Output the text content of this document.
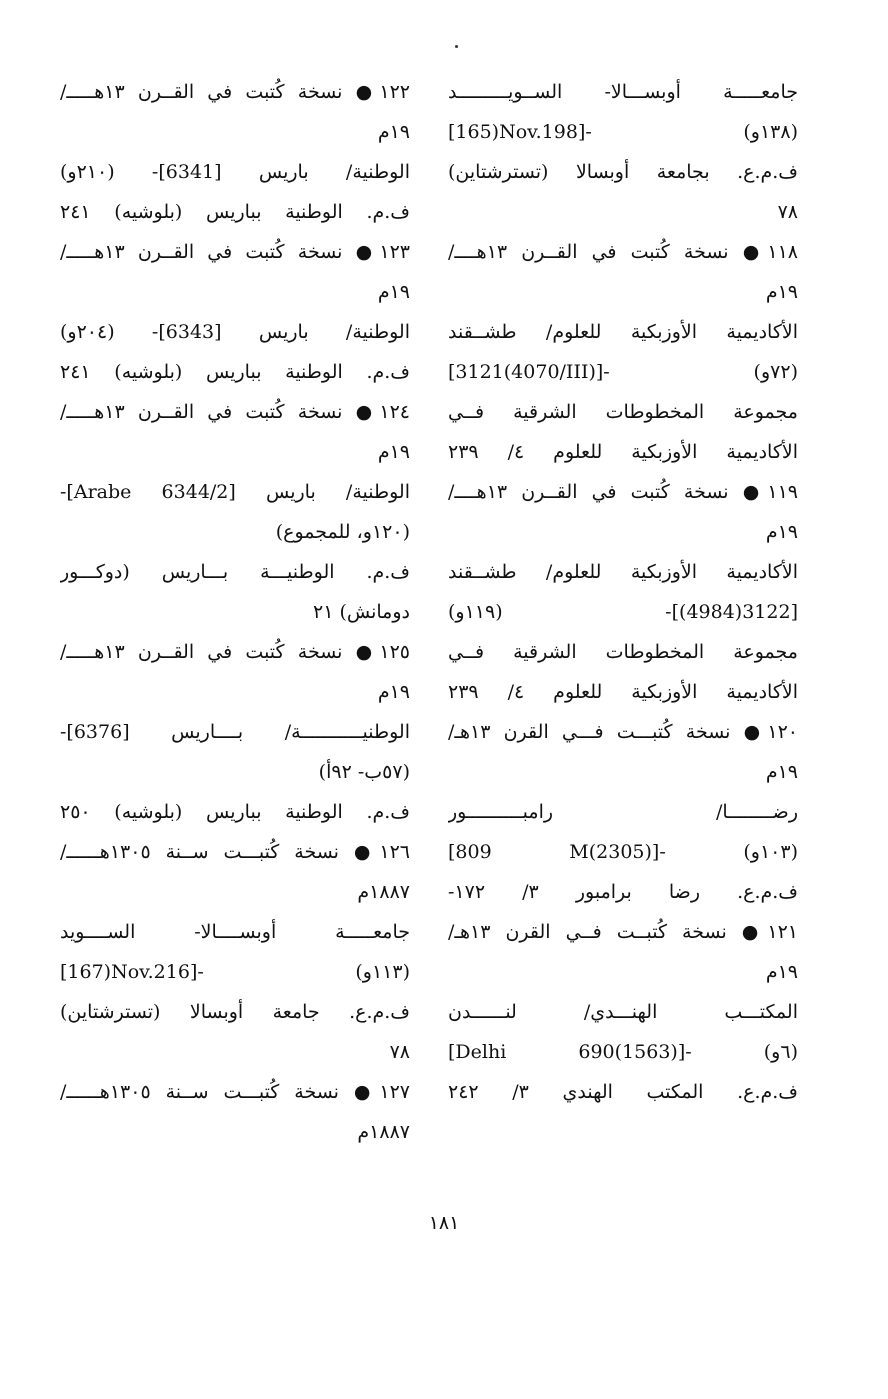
جامعـــــة أوبســـالا- الســويـــــــــد
[165)Nov.198]- (١٣٨و)
ف.م.ع. بجامعة أوبسالا (تسترشتاين)
٧٨
١١٨● نسخة كُتبت في القــرن ١٣هــــ/
١٩م
الأكاديمية الأوزبكية للعلوم/ طشــقند
[3121(4070/III)]- (٧٢و)
مجموعة المخطوطات الشرقية فــي
الأكاديمية الأوزبكية للعلوم ٤/ ٢٣٩
١١٩● نسخة كُتبت في القــرن ١٣هــــ/
١٩م
الأكاديمية الأوزبكية للعلوم/ طشــقند
[3122(4984)]- (١١٩و)
مجموعة المخطوطات الشرقية فــي
الأكاديمية الأوزبكية للعلوم ٤/ ٢٣٩
١٢٠● نسخة كُتبـــت فـــي القرن ١٣هـ/
١٩م
رضــــــــا/ رامبــــــــــور
[809 M(2305)]- (١٠٣و)
ف.م.ع. رضا برامبور ٣/ ١٧٢-
١٢١● نسخة كُتبــت فــي القرن ١٣هـ/
١٩م
المكتـــب الهنـــدي/ لنــــــدن
[Delhi 690(1563)]- (٦و)
ف.م.ع. المكتب الهندي ٣/ ٢٤٢
١٢٢● نسخة كُتبت في القــرن ١٣هـــــ/
١٩م
الوطنية/ باريس [6341]- (٢١٠و)
ف.م. الوطنية بباريس (بلوشيه) ٢٤١
١٢٣● نسخة كُتبت في القــرن ١٣هـــــ/
١٩م
الوطنية/ باريس [6343]- (٢٠٤و)
ف.م. الوطنية بباريس (بلوشيه) ٢٤١
١٢٤● نسخة كُتبت في القــرن ١٣هـــــ/
١٩م
الوطنية/ باريس [Arabe 6344/2]-
(١٢٠و، للمجموع)
ف.م. الوطنيـــة بـــاريس (دوكـــور
دومانش) ٢١
١٢٥● نسخة كُتبت في القــرن ١٣هـــــ/
١٩م
الوطنيـــــــــــة/ بــــاريس [6376]-
(٥٧ب- ٩٢أ)
ف.م. الوطنية بباريس (بلوشيه) ٢٥٠
١٢٦● نسخة كُتبـــت ســنة ١٣٠٥هــــــ/
١٨٨٧م
جامعـــــة أوبســــالا- الســــويد
[167)Nov.216]- (١١٣و)
ف.م.ع. جامعة أوبسالا (تسترشتاين)
٧٨
١٢٧● نسخة كُتبـــت ســنة ١٣٠٥هــــــ/
١٨٨٧م
١٨١
